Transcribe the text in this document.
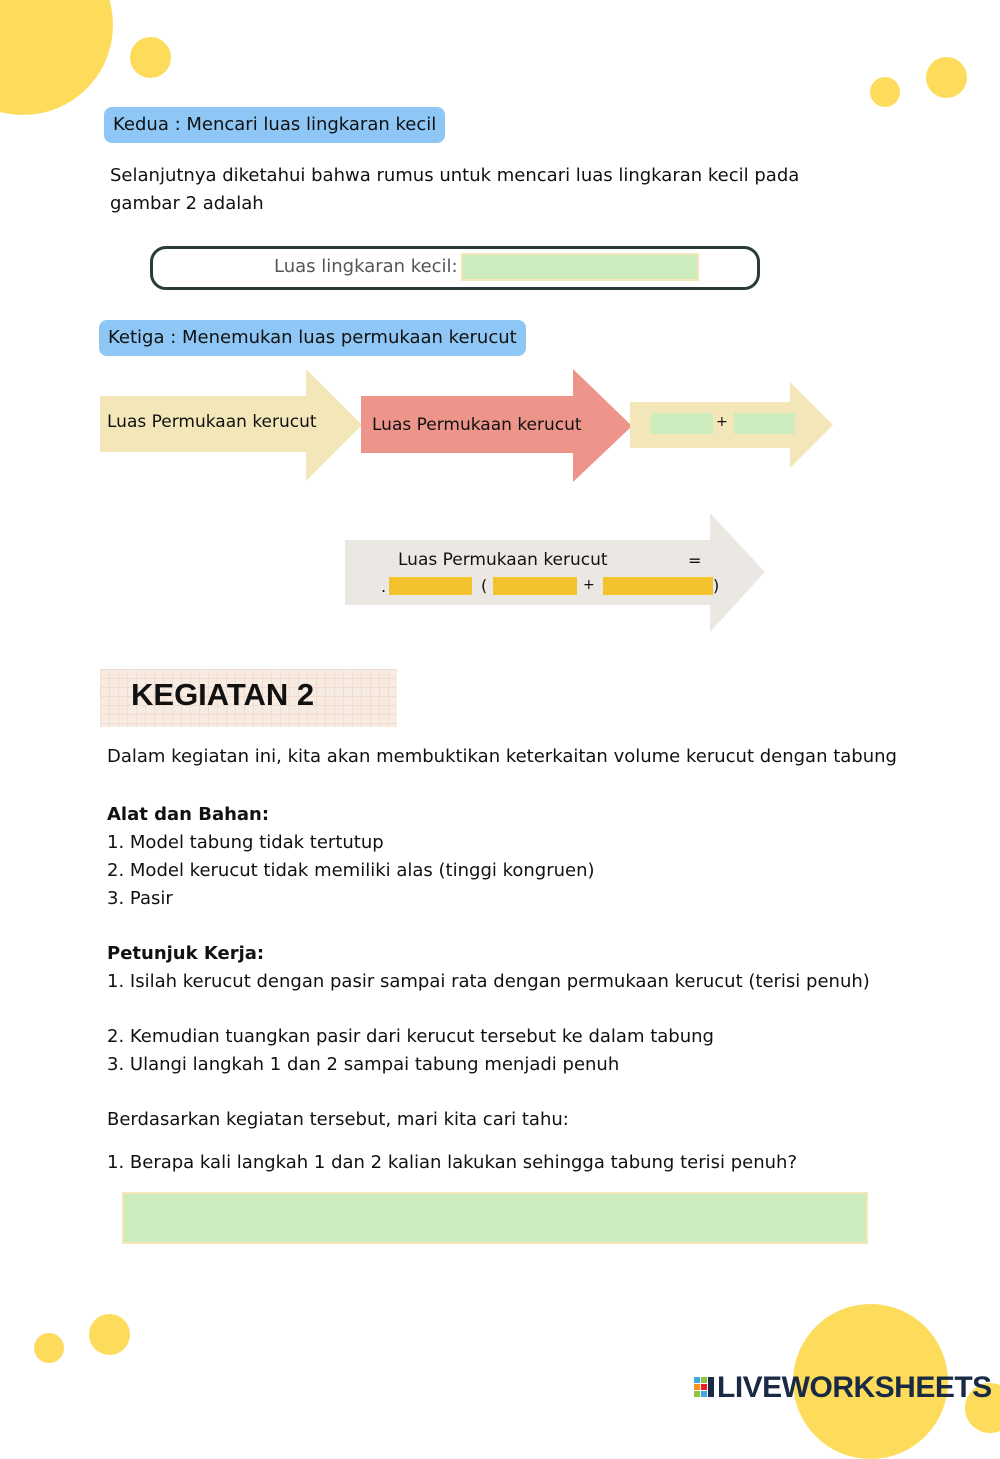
Kedua : Mencari luas lingkaran kecil
Selanjutnya diketahui bahwa rumus untuk mencari luas lingkaran kecil pada gambar 2 adalah
Luas lingkaran kecil:
Ketiga : Menemukan luas permukaan kerucut
Luas Permukaan kerucut	Luas Permukaan kerucut	+
Luas Permukaan kerucut	=
.	(	+	)
KEGIATAN 2
Dalam kegiatan ini, kita akan membuktikan keterkaitan volume kerucut dengan tabung
Alat dan Bahan:
1. Model tabung tidak tertutup
2. Model kerucut tidak memiliki alas (tinggi kongruen)
3. Pasir
Petunjuk Kerja:
1. Isilah kerucut dengan pasir sampai rata dengan permukaan kerucut (terisi penuh)
2. Kemudian tuangkan pasir dari kerucut tersebut ke dalam tabung
3. Ulangi langkah 1 dan 2 sampai tabung menjadi penuh
Berdasarkan kegiatan tersebut, mari kita cari tahu:
1. Berapa kali langkah 1 dan 2 kalian lakukan sehingga tabung terisi penuh?
LIVEWORKSHEETS
